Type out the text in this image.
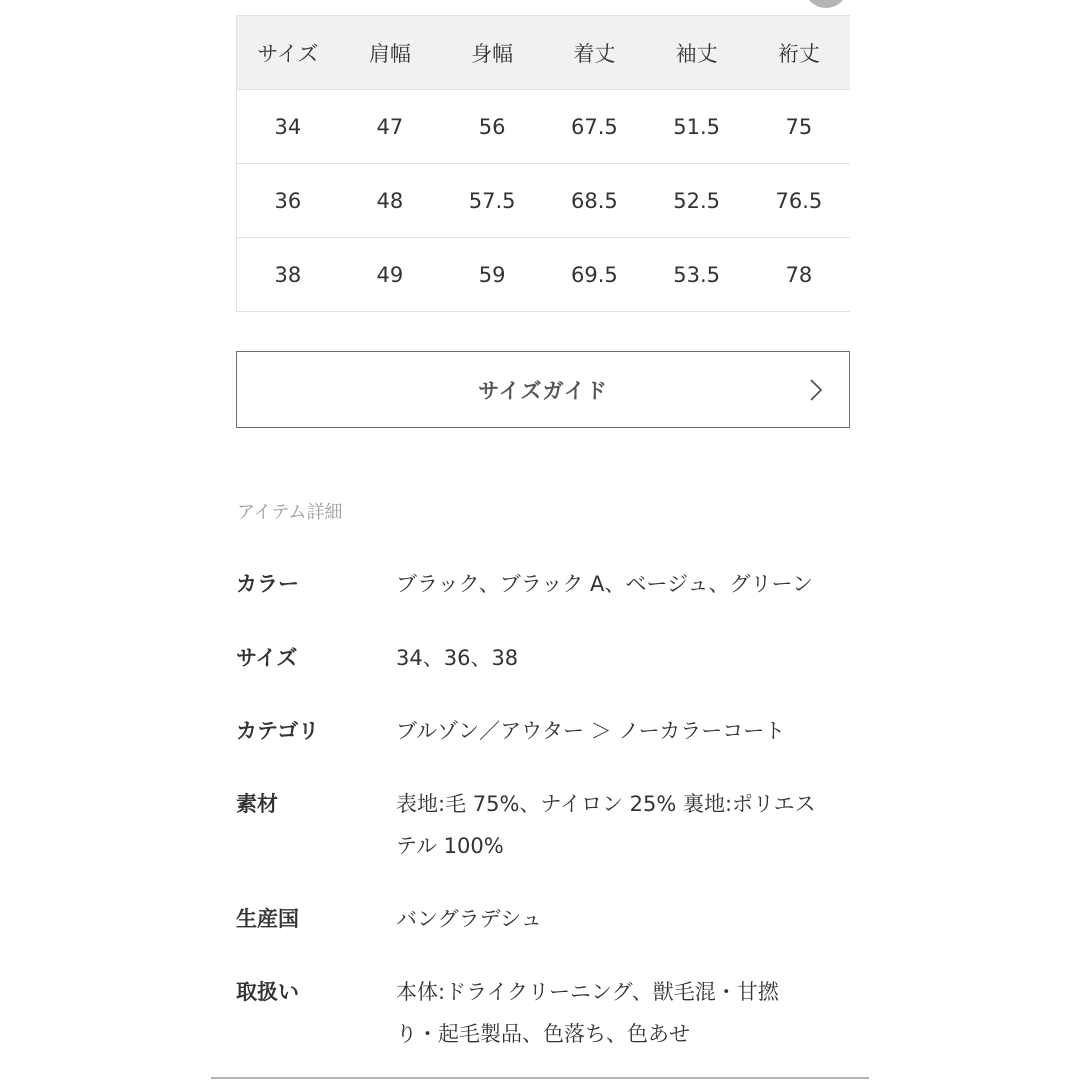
サイズ	肩幅	身幅	着丈	袖丈	裄丈
34	47	56	67.5	51.5	75
36	48	57.5	68.5	52.5	76.5
38	49	59	69.5	53.5	78
サイズガイド
アイテム詳細
カラー	ブラック、ブラック A、ベージュ、グリーン
サイズ	34、36、38
カテゴリ	ブルゾン／アウター ＞ ノーカラーコート
素材	表地:毛 75%、ナイロン 25% 裏地:ポリエス
テル 100%
生産国	バングラデシュ
取扱い	本体:ドライクリーニング、獣毛混・甘撚
り・起毛製品、色落ち、色あせ
